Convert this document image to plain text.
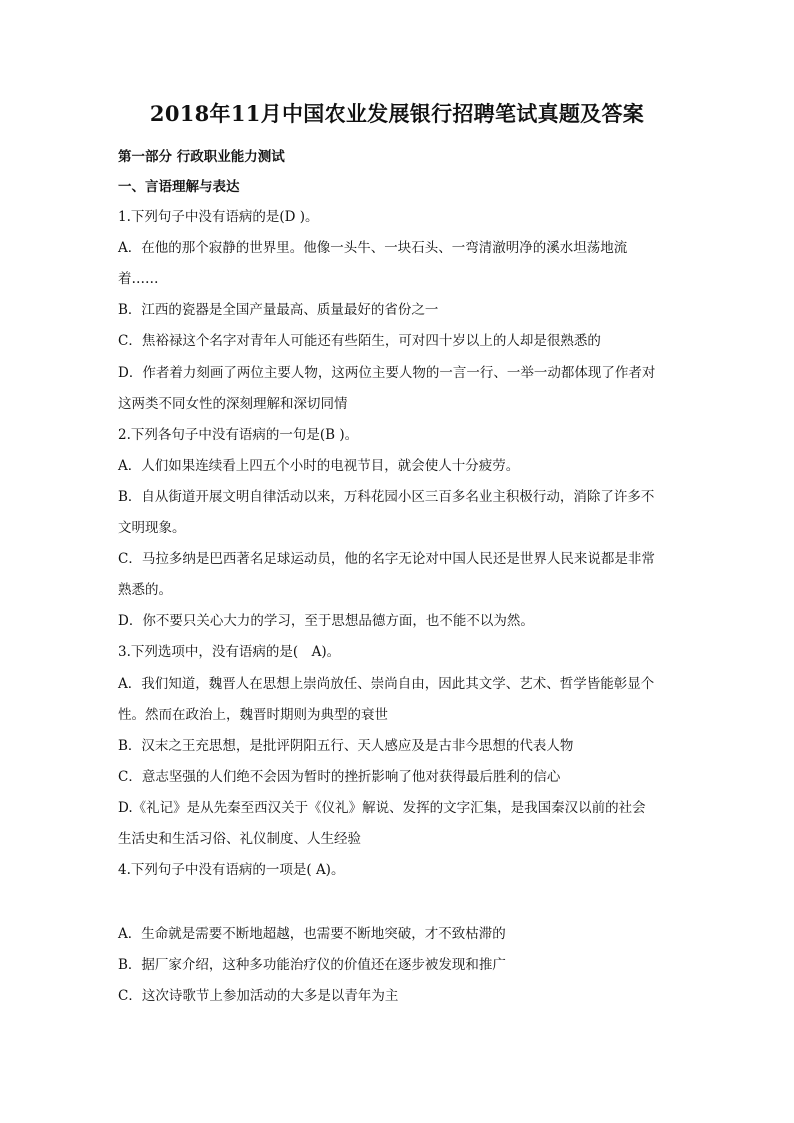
2018年11月中国农业发展银行招聘笔试真题及答案
第一部分 行政职业能力测试
一、言语理解与表达
1.下列句子中没有语病的是(D )。
A．在他的那个寂静的世界里。他像一头牛、一块石头、一弯清澈明净的溪水坦荡地流
着……
B．江西的瓷器是全国产量最高、质量最好的省份之一
C．焦裕禄这个名字对青年人可能还有些陌生，可对四十岁以上的人却是很熟悉的
D．作者着力刻画了两位主要人物，这两位主要人物的一言一行、一举一动都体现了作者对
这两类不同女性的深刻理解和深切同情
2.下列各句子中没有语病的一句是(B )。
A．人们如果连续看上四五个小时的电视节目，就会使人十分疲劳。
B．自从街道开展文明自律活动以来，万科花园小区三百多名业主积极行动，消除了许多不
文明现象。
C．马拉多纳是巴西著名足球运动员，他的名字无论对中国人民还是世界人民来说都是非常
熟悉的。
D．你不要只关心大力的学习，至于思想品德方面，也不能不以为然。
3.下列选项中，没有语病的是(　A)。
A．我们知道，魏晋人在思想上崇尚放任、崇尚自由，因此其文学、艺术、哲学皆能彰显个
性。然而在政治上，魏晋时期则为典型的衰世
B．汉末之王充思想，是批评阴阳五行、天人感应及是古非今思想的代表人物
C．意志坚强的人们绝不会因为暂时的挫折影响了他对获得最后胜利的信心
D.《礼记》是从先秦至西汉关于《仪礼》解说、发挥的文字汇集，是我国秦汉以前的社会
生活史和生活习俗、礼仪制度、人生经验
4.下列句子中没有语病的一项是( A)。
A．生命就是需要不断地超越，也需要不断地突破，才不致枯滞的
B．据厂家介绍，这种多功能治疗仪的价值还在逐步被发现和推广
C．这次诗歌节上参加活动的大多是以青年为主
